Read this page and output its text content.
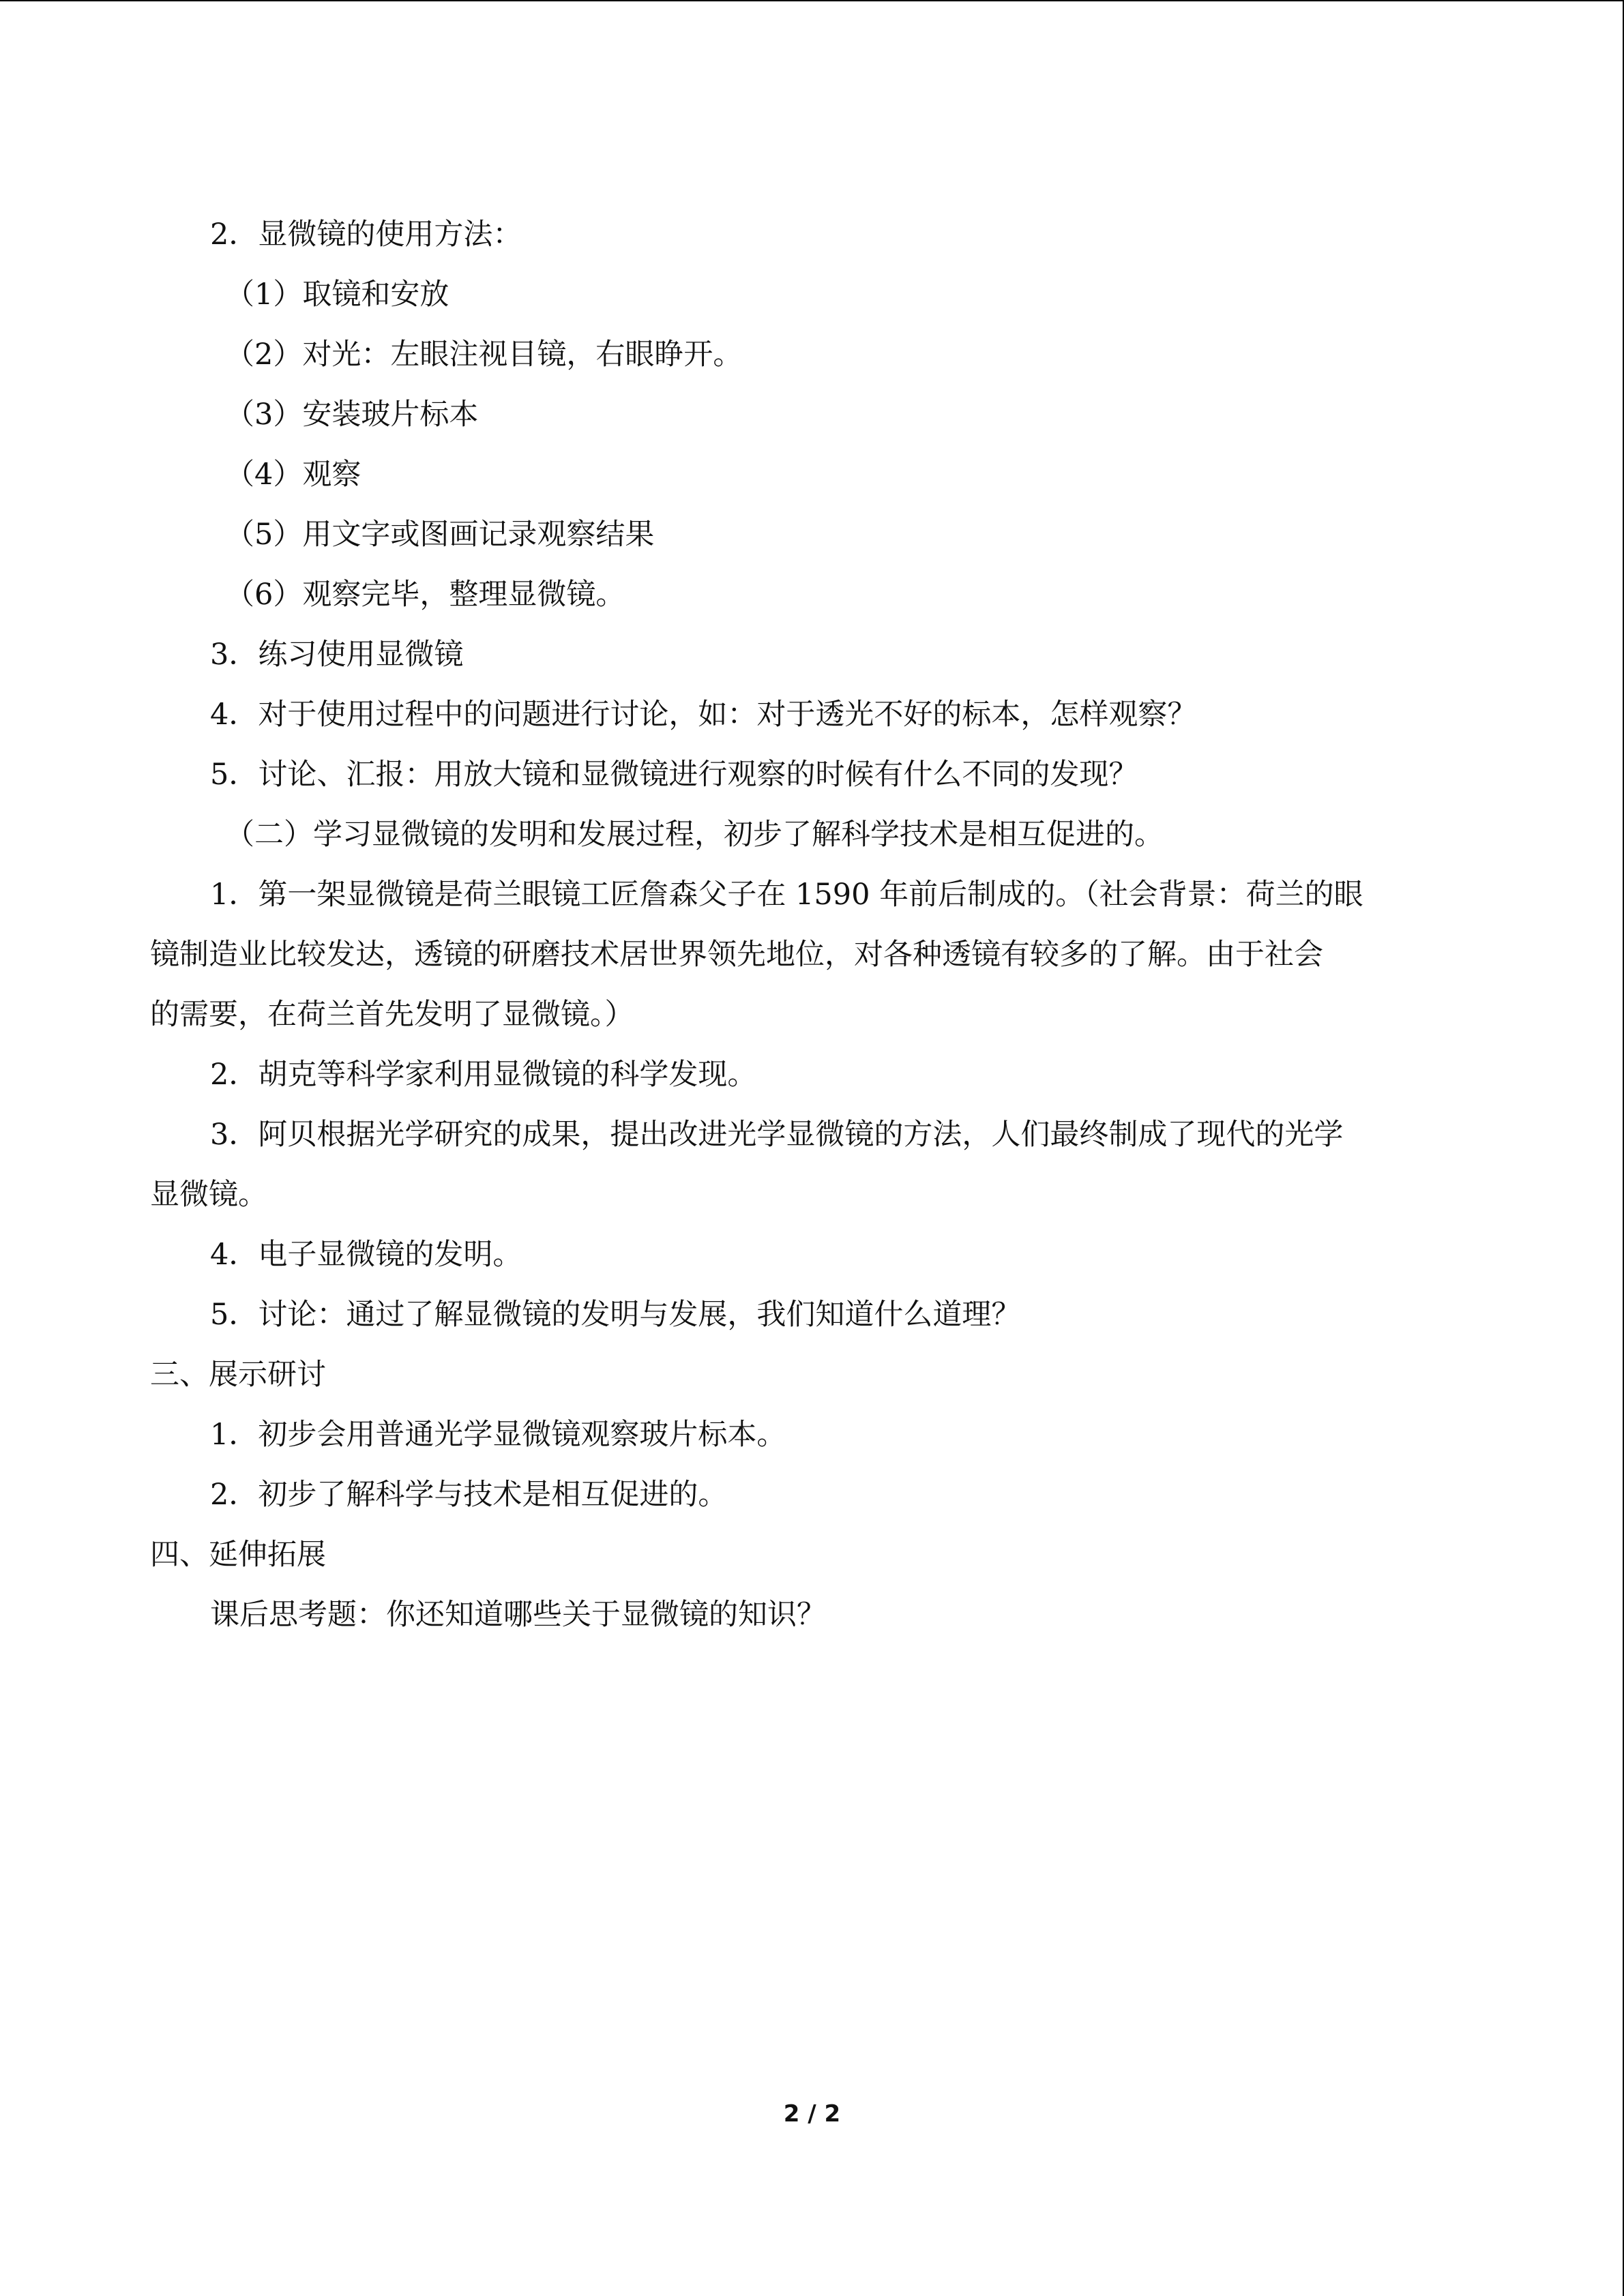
2．显微镜的使用方法：
（1）取镜和安放
（2）对光：左眼注视目镜，右眼睁开。
（3）安装玻片标本
（4）观察
（5）用文字或图画记录观察结果
（6）观察完毕，整理显微镜。
3．练习使用显微镜
4．对于使用过程中的问题进行讨论，如：对于透光不好的标本，怎样观察？
5．讨论、汇报：用放大镜和显微镜进行观察的时候有什么不同的发现？
（二）学习显微镜的发明和发展过程，初步了解科学技术是相互促进的。
1．第一架显微镜是荷兰眼镜工匠詹森父子在 1590 年前后制成的。（社会背景：荷兰的眼
镜制造业比较发达，透镜的研磨技术居世界领先地位，对各种透镜有较多的了解。由于社会
的需要，在荷兰首先发明了显微镜。）
2．胡克等科学家利用显微镜的科学发现。
3．阿贝根据光学研究的成果，提出改进光学显微镜的方法，人们最终制成了现代的光学
显微镜。
4．电子显微镜的发明。
5．讨论：通过了解显微镜的发明与发展，我们知道什么道理？
三、展示研讨
1．初步会用普通光学显微镜观察玻片标本。
2．初步了解科学与技术是相互促进的。
四、延伸拓展
课后思考题：你还知道哪些关于显微镜的知识？
2 / 2
